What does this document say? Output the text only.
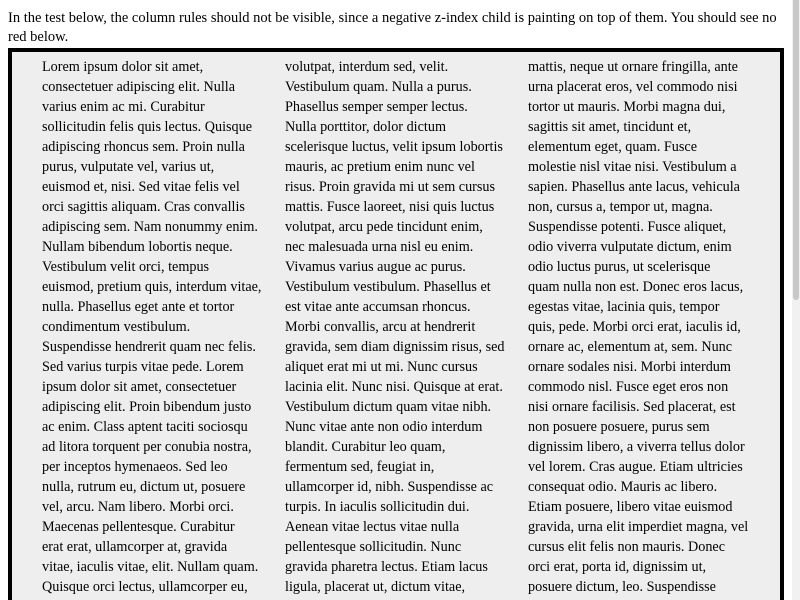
In the test below, the column rules should not be visible, since a negative z-index child is painting on top of them. You should see no red below.

Lorem ipsum dolor sit amet,
consectetuer adipiscing elit. Nulla
varius enim ac mi. Curabitur
sollicitudin felis quis lectus. Quisque
adipiscing rhoncus sem. Proin nulla
purus, vulputate vel, varius ut,
euismod et, nisi. Sed vitae felis vel
orci sagittis aliquam. Cras convallis
adipiscing sem. Nam nonummy enim.
Nullam bibendum lobortis neque.
Vestibulum velit orci, tempus
euismod, pretium quis, interdum vitae,
nulla. Phasellus eget ante et tortor
condimentum vestibulum.
Suspendisse hendrerit quam nec felis.
Sed varius turpis vitae pede. Lorem
ipsum dolor sit amet, consectetuer
adipiscing elit. Proin bibendum justo
ac enim. Class aptent taciti sociosqu
ad litora torquent per conubia nostra,
per inceptos hymenaeos. Sed leo
nulla, rutrum eu, dictum ut, posuere
vel, arcu. Nam libero. Morbi orci.
Maecenas pellentesque. Curabitur
erat erat, ullamcorper at, gravida
vitae, iaculis vitae, elit. Nullam quam.
Quisque orci lectus, ullamcorper eu,

volutpat, interdum sed, velit.
Vestibulum quam. Nulla a purus.
Phasellus semper semper lectus.
Nulla porttitor, dolor dictum
scelerisque luctus, velit ipsum lobortis
mauris, ac pretium enim nunc vel
risus. Proin gravida mi ut sem cursus
mattis. Fusce laoreet, nisi quis luctus
volutpat, arcu pede tincidunt enim,
nec malesuada urna nisl eu enim.
Vivamus varius augue ac purus.
Vestibulum vestibulum. Phasellus et
est vitae ante accumsan rhoncus.
Morbi convallis, arcu at hendrerit
gravida, sem diam dignissim risus, sed
aliquet erat mi ut mi. Nunc cursus
lacinia elit. Nunc nisi. Quisque at erat.
Vestibulum dictum quam vitae nibh.
Nunc vitae ante non odio interdum
blandit. Curabitur leo quam,
fermentum sed, feugiat in,
ullamcorper id, nibh. Suspendisse ac
turpis. In iaculis sollicitudin dui.
Aenean vitae lectus vitae nulla
pellentesque sollicitudin. Nunc
gravida pharetra lectus. Etiam lacus
ligula, placerat ut, dictum vitae,

mattis, neque ut ornare fringilla, ante
urna placerat eros, vel commodo nisi
tortor ut mauris. Morbi magna dui,
sagittis sit amet, tincidunt et,
elementum eget, quam. Fusce
molestie nisl vitae nisi. Vestibulum a
sapien. Phasellus ante lacus, vehicula
non, cursus a, tempor ut, magna.
Suspendisse potenti. Fusce aliquet,
odio viverra vulputate dictum, enim
odio luctus purus, ut scelerisque
quam nulla non est. Donec eros lacus,
egestas vitae, lacinia quis, tempor
quis, pede. Morbi orci erat, iaculis id,
ornare ac, elementum at, sem. Nunc
ornare sodales nisi. Morbi interdum
commodo nisl. Fusce eget eros non
nisi ornare facilisis. Sed placerat, est
non posuere posuere, purus sem
dignissim libero, a viverra tellus dolor
vel lorem. Cras augue. Etiam ultricies
consequat odio. Mauris ac libero.
Etiam posuere, libero vitae euismod
gravida, urna elit imperdiet magna, vel
cursus elit felis non mauris. Donec
orci erat, porta id, dignissim ut,
posuere dictum, leo. Suspendisse
